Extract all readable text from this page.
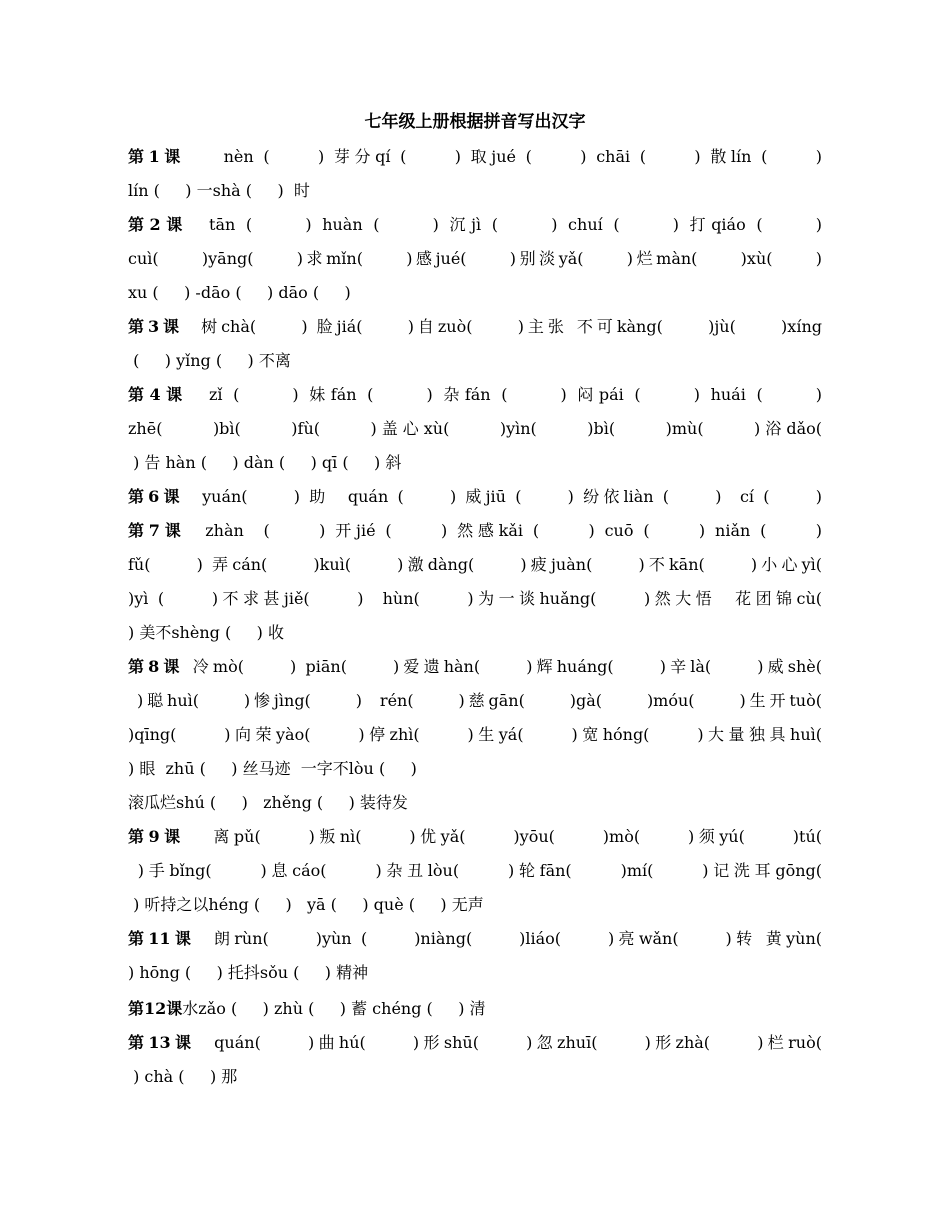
七年级上册根据拼音写出汉字
第1课    nèn (     ) 芽分qí (     ) 取jué (     ) chāi (     ) 散lín (     )
lín (     ) 一shà (     )  时
第2课  tān (     ) huàn (     ) 沉jì (     ) chuí (     ) 打qiáo (     )
cuì(     )yāng(     )求mǐn(     )感jué(     )别淡yǎ(     )烂màn(     )xù(     )
xu (     ) -dāo (     ) dāo (     )
第3课  树chà(     ) 脸jiá(     )自zuò(     )主张 不可kàng(     )jù(     )xíng
(     ) yǐng (     ) 不离
第4课  zǐ (     ) 妹fán (     ) 杂fán (     ) 闷pái (     ) huái (     )
zhē(     )bì(     )fù(     )盖心xù(     )yìn(     )bì(     )mù(     )浴dǎo(
) 告 hàn (     ) dàn (     ) qī (     ) 斜
第6课  yuán(     ) 助  quán (     ) 威jiū (     ) 纷依liàn (     )  cí (     )
第7课  zhàn  (     ) 开jié (     ) 然感kǎi (     ) cuō (     ) niǎn (     )
fǔ(     ) 弄cán(     )kuì(     )激dàng(     )疲juàn(     )不kān(     )小心yì(
)yì (     )不求甚jiě(     )  hùn(     )为一谈huǎng(     )然大悟  花团锦cù(
) 美不shèng (     ) 收
第8课 冷mò(     ) piān(     )爱遗hàn(     )辉huáng(     )辛là(     )威shè(
)聪huì(     )惨jìng(     )  rén(     )慈gān(     )gà(     )móu(     )生开tuò(
)qīng(     )向荣yào(     )停zhì(     )生yá(     )宽hóng(     )大量独具huì(
) 眼  zhū (     ) 丝马迹  一字不lòu (     )
滚瓜烂shú (     )   zhěng (     ) 装待发
第9课   离pǔ(     )叛nì(     )优yǎ(     )yōu(     )mò(     )须yú(     )tú(
)手bǐng(     )息cáo(     )杂丑lòu(     )轮fān(     )mí(     )记洗耳gōng(
) 听持之以héng (     )   yā (     ) què (     ) 无声
第11课  朗rùn(     )yùn (     )niàng(     )liáo(     )亮wǎn(     )转 黄yùn(
) hōng (     ) 托抖sǒu (     ) 精神
第12课水zǎo (     ) zhù (     ) 蓄 chéng (     ) 清
第13课  quán(     )曲hú(     )形shū(     )忽zhuī(     )形zhà(     )栏ruò(
) chà (     ) 那
